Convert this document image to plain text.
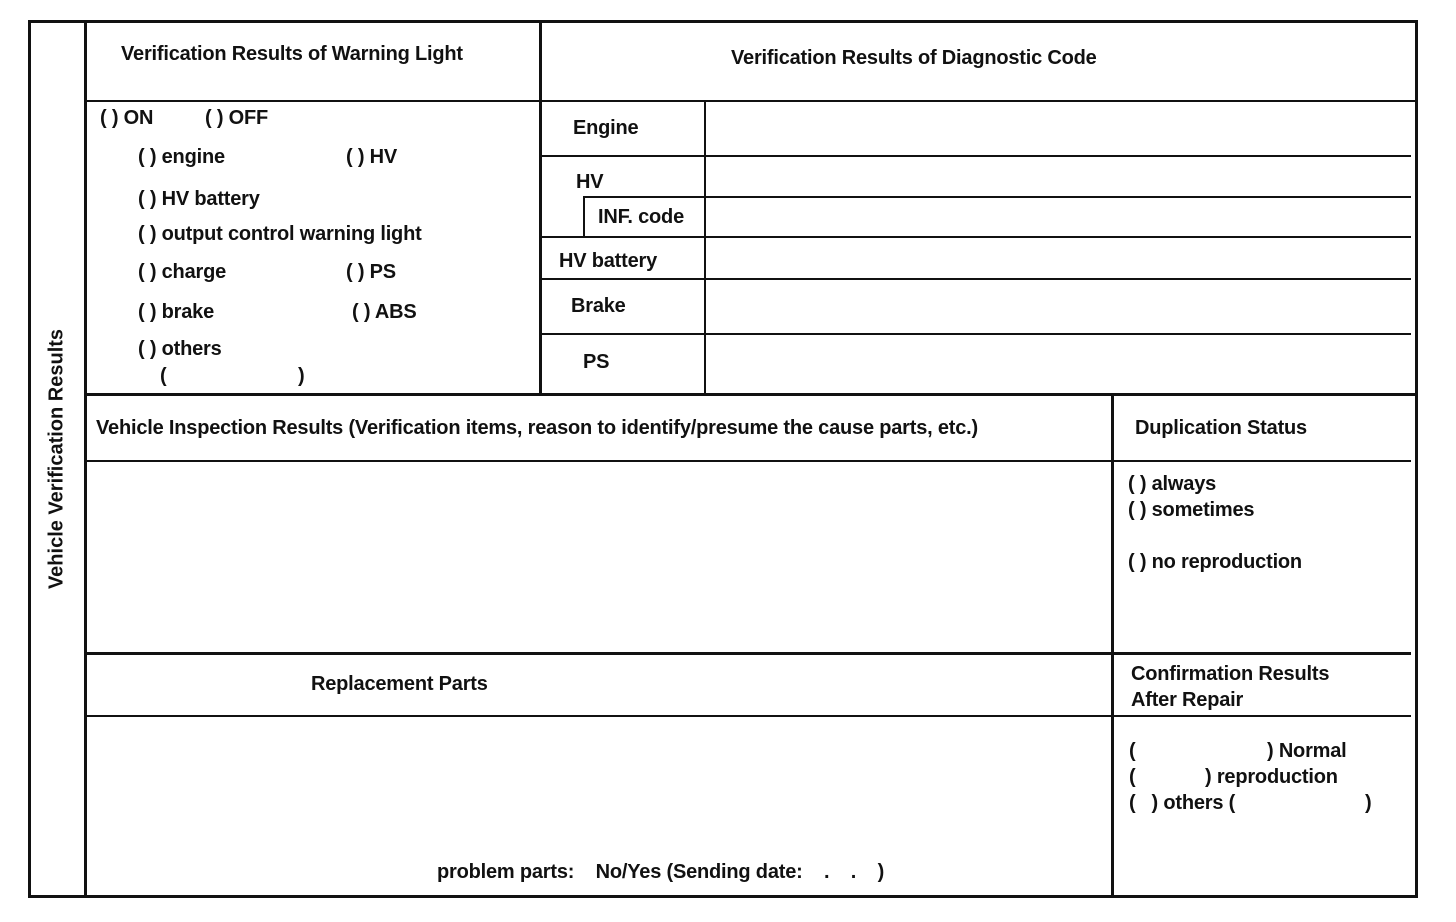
Vehicle Verification Results
Verification Results of Warning Light	Verification Results of Diagnostic Code
( ) ON	( ) OFF
( ) engine	( ) HV
( ) HV battery
( ) output control warning light
( ) charge	( ) PS
( ) brake	( ) ABS
( ) others
(	)
Engine
HV
INF. code
HV battery
Brake
PS
Vehicle Inspection Results (Verification items, reason to identify/presume the cause parts, etc.)	Duplication Status
( ) always
( ) sometimes
( ) no reproduction
Replacement Parts	Confirmation Results
After Repair
problem parts:    No/Yes (Sending date:    .    .    )
(	) Normal
(	) reproduction
(   ) others (	)
